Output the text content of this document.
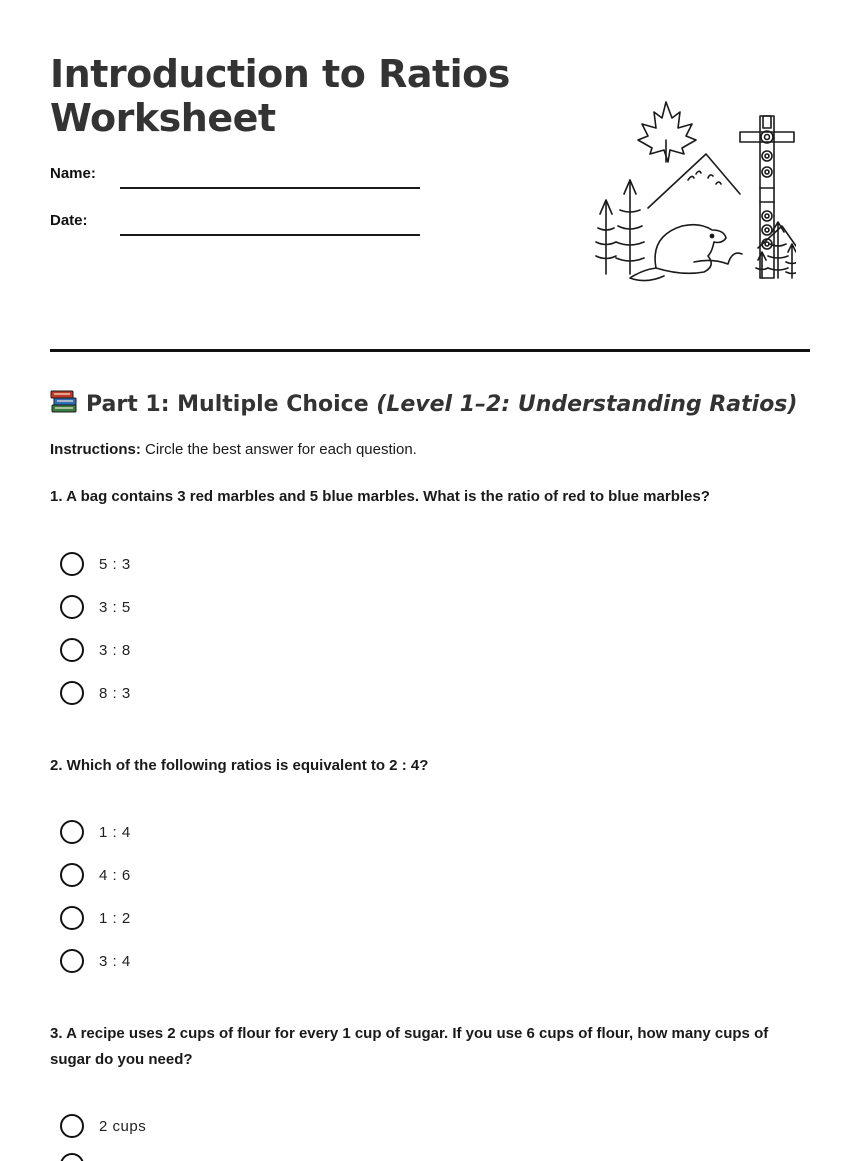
Introduction to Ratios
Worksheet
Name:
Date:
Part 1: Multiple Choice (Level 1–2: Understanding Ratios)

Instructions: Circle the best answer for each question.

1. A bag contains 3 red marbles and 5 blue marbles. What is the ratio of red to blue marbles?

5 : 3
3 : 5
3 : 8
8 : 3

2. Which of the following ratios is equivalent to 2 : 4?

1 : 4
4 : 6
1 : 2
3 : 4

3. A recipe uses 2 cups of flour for every 1 cup of sugar. If you use 6 cups of flour, how many cups of sugar do you need?

2 cups
